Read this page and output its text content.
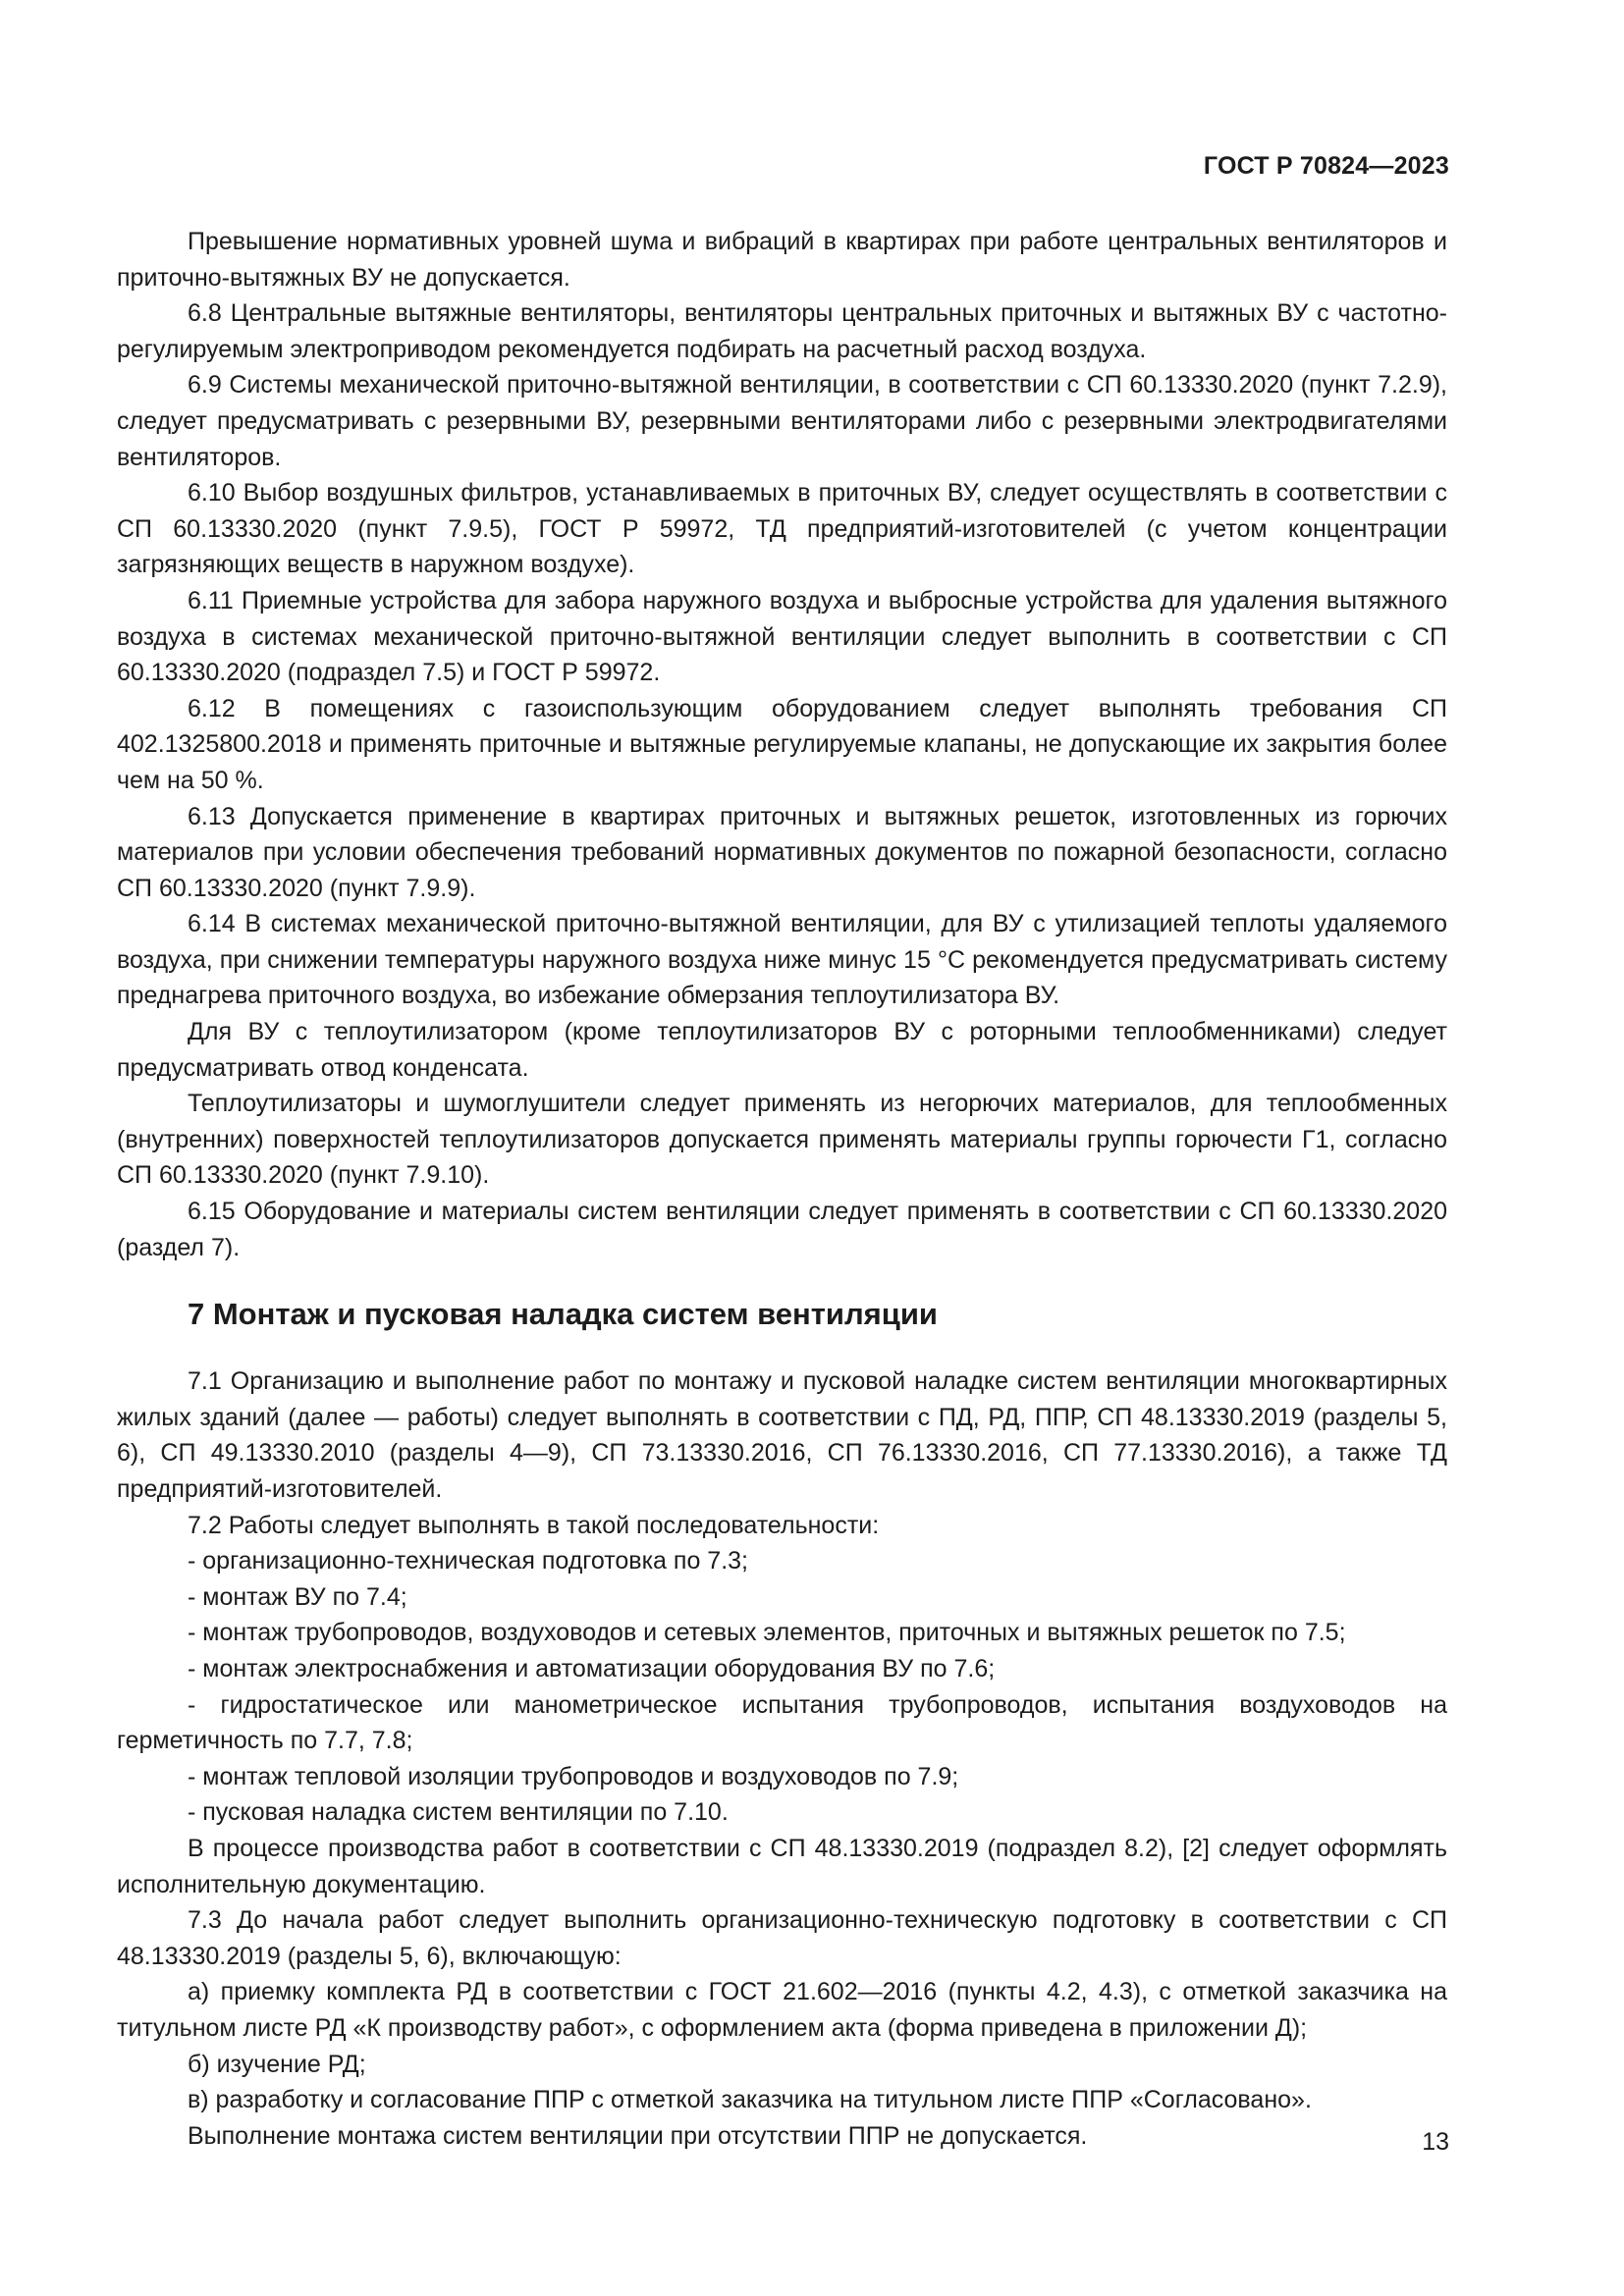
ГОСТ Р 70824—2023

Превышение нормативных уровней шума и вибраций в квартирах при работе центральных вентиляторов и приточно-вытяжных ВУ не допускается.

6.8 Центральные вытяжные вентиляторы, вентиляторы центральных приточных и вытяжных ВУ с частотно-регулируемым электроприводом рекомендуется подбирать на расчетный расход воздуха.

6.9 Системы механической приточно-вытяжной вентиляции, в соответствии с СП 60.13330.2020 (пункт 7.2.9), следует предусматривать с резервными ВУ, резервными вентиляторами либо с резервными электродвигателями вентиляторов.

6.10 Выбор воздушных фильтров, устанавливаемых в приточных ВУ, следует осуществлять в соответствии с СП 60.13330.2020 (пункт 7.9.5), ГОСТ Р 59972, ТД предприятий-изготовителей (с учетом концентрации загрязняющих веществ в наружном воздухе).

6.11 Приемные устройства для забора наружного воздуха и выбросные устройства для удаления вытяжного воздуха в системах механической приточно-вытяжной вентиляции следует выполнить в соответствии с СП 60.13330.2020 (подраздел 7.5) и ГОСТ Р 59972.

6.12 В помещениях с газоиспользующим оборудованием следует выполнять требования СП 402.1325800.2018 и применять приточные и вытяжные регулируемые клапаны, не допускающие их закрытия более чем на 50 %.

6.13 Допускается применение в квартирах приточных и вытяжных решеток, изготовленных из горючих материалов при условии обеспечения требований нормативных документов по пожарной безопасности, согласно СП 60.13330.2020 (пункт 7.9.9).

6.14 В системах механической приточно-вытяжной вентиляции, для ВУ с утилизацией теплоты удаляемого воздуха, при снижении температуры наружного воздуха ниже минус 15 °С рекомендуется предусматривать систему преднагрева приточного воздуха, во избежание обмерзания теплоутилизатора ВУ.

Для ВУ с теплоутилизатором (кроме теплоутилизаторов ВУ с роторными теплообменниками) следует предусматривать отвод конденсата.

Теплоутилизаторы и шумоглушители следует применять из негорючих материалов, для теплообменных (внутренних) поверхностей теплоутилизаторов допускается применять материалы группы горючести Г1, согласно СП 60.13330.2020 (пункт 7.9.10).

6.15 Оборудование и материалы систем вентиляции следует применять в соответствии с СП 60.13330.2020 (раздел 7).

7 Монтаж и пусковая наладка систем вентиляции

7.1 Организацию и выполнение работ по монтажу и пусковой наладке систем вентиляции многоквартирных жилых зданий (далее — работы) следует выполнять в соответствии с ПД, РД, ППР, СП 48.13330.2019 (разделы 5, 6), СП 49.13330.2010 (разделы 4—9), СП 73.13330.2016, СП 76.13330.2016, СП 77.13330.2016), а также ТД предприятий-изготовителей.

7.2 Работы следует выполнять в такой последовательности:

- организационно-техническая подготовка по 7.3;

- монтаж ВУ по 7.4;

- монтаж трубопроводов, воздуховодов и сетевых элементов, приточных и вытяжных решеток по 7.5;

- монтаж электроснабжения и автоматизации оборудования ВУ по 7.6;

- гидростатическое или манометрическое испытания трубопроводов, испытания воздуховодов на герметичность по 7.7, 7.8;

- монтаж тепловой изоляции трубопроводов и воздуховодов по 7.9;

- пусковая наладка систем вентиляции по 7.10.

В процессе производства работ в соответствии с СП 48.13330.2019 (подраздел 8.2), [2] следует оформлять исполнительную документацию.

7.3 До начала работ следует выполнить организационно-техническую подготовку в соответствии с СП 48.13330.2019 (разделы 5, 6), включающую:

а) приемку комплекта РД в соответствии с ГОСТ 21.602—2016 (пункты 4.2, 4.3), с отметкой заказчика на титульном листе РД «К производству работ», с оформлением акта (форма приведена в приложении Д);

б) изучение РД;

в) разработку и согласование ППР с отметкой заказчика на титульном листе ППР «Согласовано».

Выполнение монтажа систем вентиляции при отсутствии ППР не допускается.	13
